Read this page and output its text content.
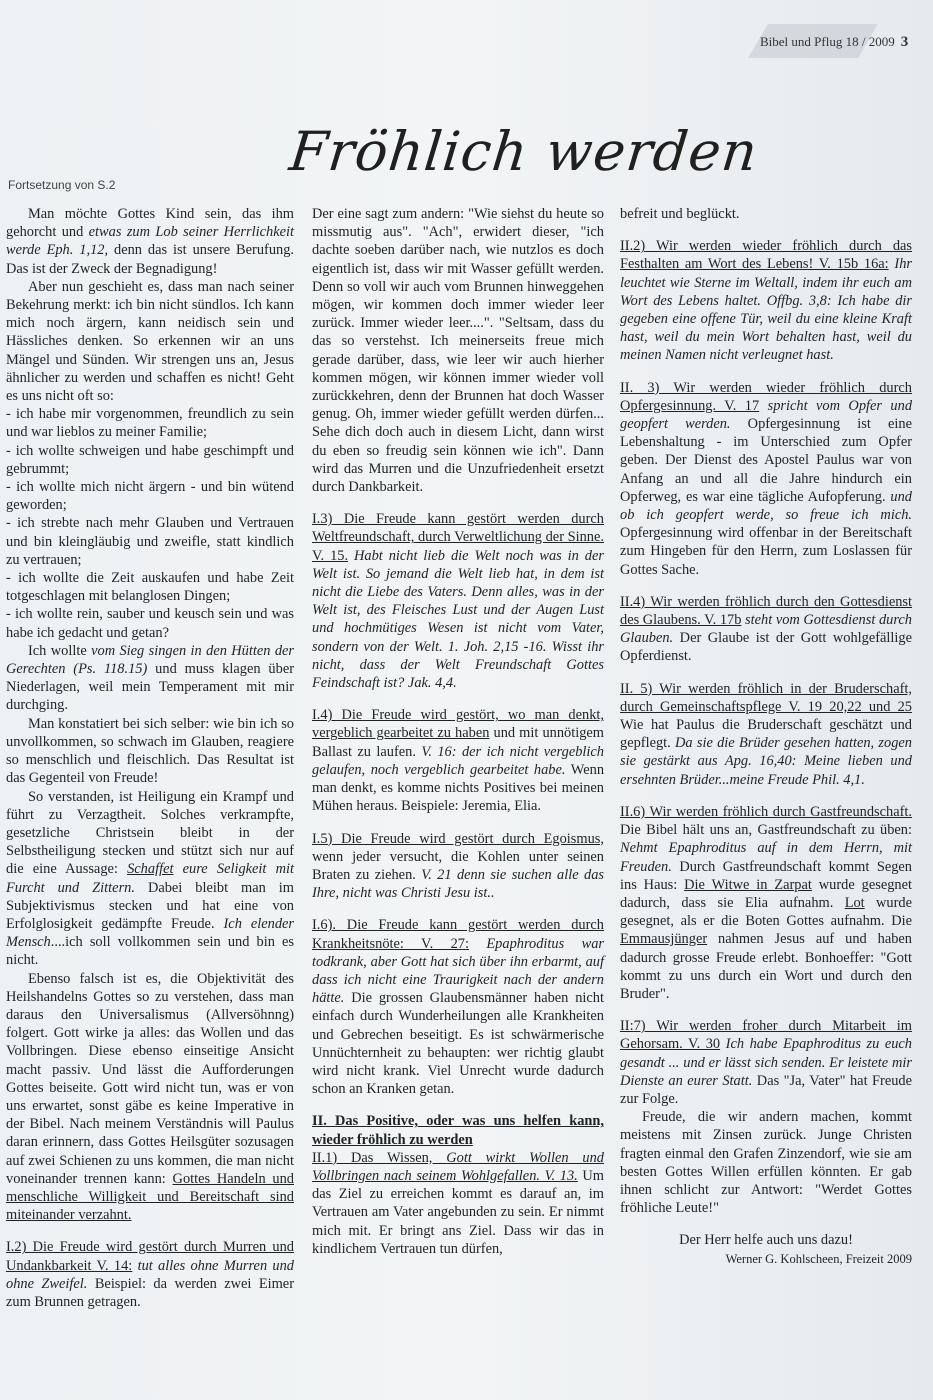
Bibel und Pflug 18 / 2009 3
Fröhlich werden
Fortsetzung von S.2

Man möchte Gottes Kind sein, das ihm gehorcht und etwas zum Lob seiner Herrlichkeit werde Eph. 1,12, denn das ist unsere Berufung. Das ist der Zweck der Begnadigung!

Aber nun geschieht es, dass man nach seiner Bekehrung merkt: ich bin nicht sündlos. Ich kann mich noch ärgern, kann neidisch sein und Hässliches denken. So erkennen wir an uns Mängel und Sünden. Wir strengen uns an, Jesus ähnlicher zu werden und schaffen es nicht! Geht es uns nicht oft so:

- ich habe mir vorgenommen, freundlich zu sein und war lieblos zu meiner Familie;

- ich wollte schweigen und habe geschimpft und gebrummt;

- ich wollte mich nicht ärgern - und bin wütend geworden;

- ich strebte nach mehr Glauben und Vertrauen und bin kleingläubig und zweifle, statt kindlich zu vertrauen;

- ich wollte die Zeit auskaufen und habe Zeit totgeschlagen mit belanglosen Dingen;

- ich wollte rein, sauber und keusch sein und was habe ich gedacht und getan?

Ich wollte vom Sieg singen in den Hütten der Gerechten (Ps. 118.15) und muss klagen über Niederlagen, weil mein Temperament mit mir durchging.

Man konstatiert bei sich selber: wie bin ich so unvollkommen, so schwach im Glauben, reagiere so menschlich und fleischlich. Das Resultat ist das Gegenteil von Freude!

So verstanden, ist Heiligung ein Krampf und führt zu Verzagtheit. Solches verkrampfte, gesetzliche Christsein bleibt in der Selbstheiligung stecken und stützt sich nur auf die eine Aussage: Schaffet eure Seligkeit mit Furcht und Zittern. Dabei bleibt man im Subjektivismus stecken und hat eine von Erfolglosigkeit gedämpfte Freude. Ich elender Mensch....ich soll vollkommen sein und bin es nicht.

Ebenso falsch ist es, die Objektivität des Heilshandelns Gottes so zu verstehen, dass man daraus den Universalismus (Allversöhnng) folgert. Gott wirke ja alles: das Wollen und das Vollbringen. Diese ebenso einseitige Ansicht macht passiv. Und lässt die Aufforderungen Gottes beiseite. Gott wird nicht tun, was er von uns erwartet, sonst gäbe es keine Imperative in der Bibel. Nach meinem Verständnis will Paulus daran erinnern, dass Gottes Heilsgüter sozusagen auf zwei Schienen zu uns kommen, die man nicht voneinander trennen kann: Gottes Handeln und menschliche Willigkeit und Bereitschaft sind miteinander verzahnt.

I.2) Die Freude wird gestört durch Murren und Undankbarkeit V. 14: tut alles ohne Murren und ohne Zweifel. Beispiel: da werden zwei Eimer zum Brunnen getragen.

Der eine sagt zum andern: "Wie siehst du heute so missmutig aus". "Ach", erwidert dieser, "ich dachte soeben darüber nach, wie nutzlos es doch eigentlich ist, dass wir mit Wasser gefüllt werden. Denn so voll wir auch vom Brunnen hinweggehen mögen, wir kommen doch immer wieder leer zurück. Immer wieder leer....". "Seltsam, dass du das so verstehst. Ich meinerseits freue mich gerade darüber, dass, wie leer wir auch hierher kommen mögen, wir können immer wieder voll zurückkehren, denn der Brunnen hat doch Wasser genug. Oh, immer wieder gefüllt werden dürfen... Sehe dich doch auch in diesem Licht, dann wirst du eben so freudig sein können wie ich". Dann wird das Murren und die Unzufriedenheit ersetzt durch Dankbarkeit.

I.3) Die Freude kann gestört werden durch Weltfreundschaft, durch Verweltlichung der Sinne. V. 15. Habt nicht lieb die Welt noch was in der Welt ist. So jemand die Welt lieb hat, in dem ist nicht die Liebe des Vaters. Denn alles, was in der Welt ist, des Fleisches Lust und der Augen Lust und hochmütiges Wesen ist nicht vom Vater, sondern von der Welt. 1. Joh. 2,15 -16. Wisst ihr nicht, dass der Welt Freundschaft Gottes Feindschaft ist? Jak. 4,4.

I.4) Die Freude wird gestört, wo man denkt, vergeblich gearbeitet zu haben und mit unnötigem Ballast zu laufen. V. 16: der ich nicht vergeblich gelaufen, noch vergeblich gearbeitet habe. Wenn man denkt, es komme nichts Positives bei meinen Mühen heraus. Beispiele: Jeremia, Elia.

I.5) Die Freude wird gestört durch Egoismus, wenn jeder versucht, die Kohlen unter seinen Braten zu ziehen. V. 21 denn sie suchen alle das Ihre, nicht was Christi Jesu ist..

I.6). Die Freude kann gestört werden durch Krankheitsnöte: V. 27: Epaphroditus war todkrank, aber Gott hat sich über ihn erbarmt, auf dass ich nicht eine Traurigkeit nach der andern hätte. Die grossen Glaubensmänner haben nicht einfach durch Wunderheilungen alle Krankheiten und Gebrechen beseitigt. Es ist schwärmerische Unnüchternheit zu behaupten: wer richtig glaubt wird nicht krank. Viel Unrecht wurde dadurch schon an Kranken getan.

II. Das Positive, oder was uns helfen kann, wieder fröhlich zu werden

II.1) Das Wissen, Gott wirkt Wollen und Vollbringen nach seinem Wohlgefallen. V. 13. Um das Ziel zu erreichen kommt es darauf an, im Vertrauen am Vater angebunden zu sein. Er nimmt mich mit. Er bringt ans Ziel. Dass wir das in kindlichem Vertrauen tun dürfen,

befreit und beglückt.

II.2) Wir werden wieder fröhlich durch das Festhalten am Wort des Lebens! V. 15b 16a: Ihr leuchtet wie Sterne im Weltall, indem ihr euch am Wort des Lebens haltet. Offbg. 3,8: Ich habe dir gegeben eine offene Tür, weil du eine kleine Kraft hast, weil du mein Wort behalten hast, weil du meinen Namen nicht verleugnet hast.

II. 3) Wir werden wieder fröhlich durch Opfergesinnung. V. 17 spricht vom Opfer und geopfert werden. Opfergesinnung ist eine Lebenshaltung - im Unterschied zum Opfer geben. Der Dienst des Apostel Paulus war von Anfang an und all die Jahre hindurch ein Opferweg, es war eine tägliche Aufopferung. und ob ich geopfert werde, so freue ich mich. Opfergesinnung wird offenbar in der Bereitschaft zum Hingeben für den Herrn, zum Loslassen für Gottes Sache.

II.4) Wir werden fröhlich durch den Gottesdienst des Glaubens. V. 17b steht vom Gottesdienst durch Glauben. Der Glaube ist der Gott wohlgefällige Opferdienst.

II. 5) Wir werden fröhlich in der Bruderschaft, durch Gemeinschaftspflege V. 19 20,22 und 25 Wie hat Paulus die Bruderschaft geschätzt und gepflegt. Da sie die Brüder gesehen hatten, zogen sie gestärkt aus Apg. 16,40: Meine lieben und ersehnten Brüder...meine Freude Phil. 4,1.

II.6) Wir werden fröhlich durch Gastfreundschaft. Die Bibel hält uns an, Gastfreundschaft zu üben: Nehmt Epaphroditus auf in dem Herrn, mit Freuden. Durch Gastfreundschaft kommt Segen ins Haus: Die Witwe in Zarpat wurde gesegnet dadurch, dass sie Elia aufnahm. Lot wurde gesegnet, als er die Boten Gottes aufnahm. Die Emmausjünger nahmen Jesus auf und haben dadurch grosse Freude erlebt. Bonhoeffer: "Gott kommt zu uns durch ein Wort und durch den Bruder".

II:7) Wir werden froher durch Mitarbeit im Gehorsam. V. 30 Ich habe Epaphroditus zu euch gesandt ... und er lässt sich senden. Er leistete mir Dienste an eurer Statt. Das "Ja, Vater" hat Freude zur Folge.

Freude, die wir andern machen, kommt meistens mit Zinsen zurück. Junge Christen fragten einmal den Grafen Zinzendorf, wie sie am besten Gottes Willen erfüllen könnten. Er gab ihnen schlicht zur Antwort: "Werdet Gottes fröhliche Leute!"

Der Herr helfe auch uns dazu!

Werner G. Kohlscheen, Freizeit 2009
